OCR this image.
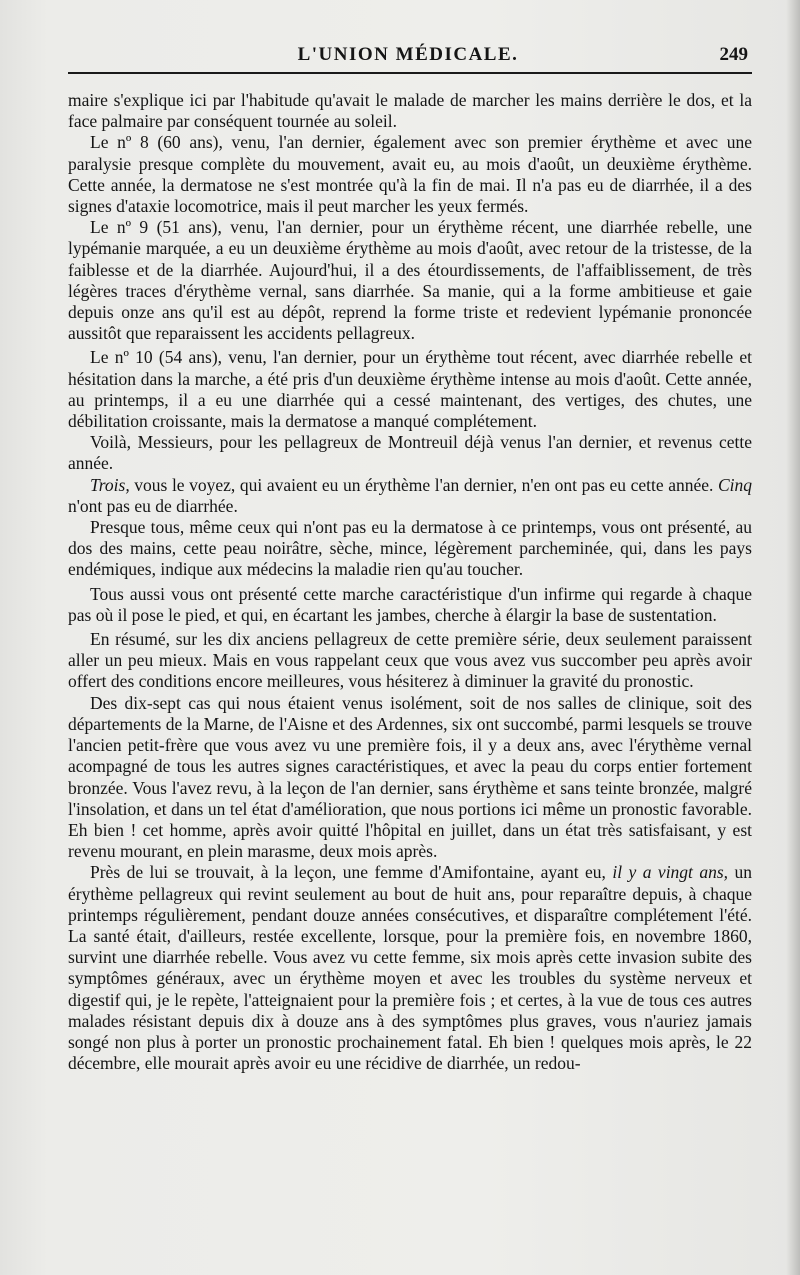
L'UNION MÉDICALE.	249

maire s'explique ici par l'habitude qu'avait le malade de marcher les mains derrière le dos, et la face palmaire par conséquent tournée au soleil.

Le nº 8 (60 ans), venu, l'an dernier, également avec son premier érythème et avec une paralysie presque complète du mouvement, avait eu, au mois d'août, un deuxième érythème. Cette année, la dermatose ne s'est montrée qu'à la fin de mai. Il n'a pas eu de diarrhée, il a des signes d'ataxie locomotrice, mais il peut marcher les yeux fermés.

Le nº 9 (51 ans), venu, l'an dernier, pour un érythème récent, une diarrhée rebelle, une lypémanie marquée, a eu un deuxième érythème au mois d'août, avec retour de la tristesse, de la faiblesse et de la diarrhée. Aujourd'hui, il a des étourdissements, de l'affaiblissement, de très légères traces d'érythème vernal, sans diarrhée. Sa manie, qui a la forme ambitieuse et gaie depuis onze ans qu'il est au dépôt, reprend la forme triste et redevient lypémanie prononcée aussitôt que reparaissent les accidents pellagreux.

Le nº 10 (54 ans), venu, l'an dernier, pour un érythème tout récent, avec diarrhée rebelle et hésitation dans la marche, a été pris d'un deuxième érythème intense au mois d'août. Cette année, au printemps, il a eu une diarrhée qui a cessé maintenant, des vertiges, des chutes, une débilitation croissante, mais la dermatose a manqué complétement.

Voilà, Messieurs, pour les pellagreux de Montreuil déjà venus l'an dernier, et revenus cette année.

Trois, vous le voyez, qui avaient eu un érythème l'an dernier, n'en ont pas eu cette année. Cinq n'ont pas eu de diarrhée.

Presque tous, même ceux qui n'ont pas eu la dermatose à ce printemps, vous ont présenté, au dos des mains, cette peau noirâtre, sèche, mince, légèrement parcheminée, qui, dans les pays endémiques, indique aux médecins la maladie rien qu'au toucher.

Tous aussi vous ont présenté cette marche caractéristique d'un infirme qui regarde à chaque pas où il pose le pied, et qui, en écartant les jambes, cherche à élargir la base de sustentation.

En résumé, sur les dix anciens pellagreux de cette première série, deux seulement paraissent aller un peu mieux. Mais en vous rappelant ceux que vous avez vus succomber peu après avoir offert des conditions encore meilleures, vous hésiterez à diminuer la gravité du pronostic.

Des dix-sept cas qui nous étaient venus isolément, soit de nos salles de clinique, soit des départements de la Marne, de l'Aisne et des Ardennes, six ont succombé, parmi lesquels se trouve l'ancien petit-frère que vous avez vu une première fois, il y a deux ans, avec l'érythème vernal acompagné de tous les autres signes caractéristiques, et avec la peau du corps entier fortement bronzée. Vous l'avez revu, à la leçon de l'an dernier, sans érythème et sans teinte bronzée, malgré l'insolation, et dans un tel état d'amélioration, que nous portions ici même un pronostic favorable. Eh bien ! cet homme, après avoir quitté l'hôpital en juillet, dans un état très satisfaisant, y est revenu mourant, en plein marasme, deux mois après.

Près de lui se trouvait, à la leçon, une femme d'Amifontaine, ayant eu, il y a vingt ans, un érythème pellagreux qui revint seulement au bout de huit ans, pour reparaître depuis, à chaque printemps régulièrement, pendant douze années consécutives, et disparaître complétement l'été. La santé était, d'ailleurs, restée excellente, lorsque, pour la première fois, en novembre 1860, survint une diarrhée rebelle. Vous avez vu cette femme, six mois après cette invasion subite des symptômes généraux, avec un érythème moyen et avec les troubles du système nerveux et digestif qui, je le repète, l'atteignaient pour la première fois ; et certes, à la vue de tous ces autres malades résistant depuis dix à douze ans à des symptômes plus graves, vous n'auriez jamais songé non plus à porter un pronostic prochainement fatal. Eh bien ! quelques mois après, le 22 décembre, elle mourait après avoir eu une récidive de diarrhée, un redou-
